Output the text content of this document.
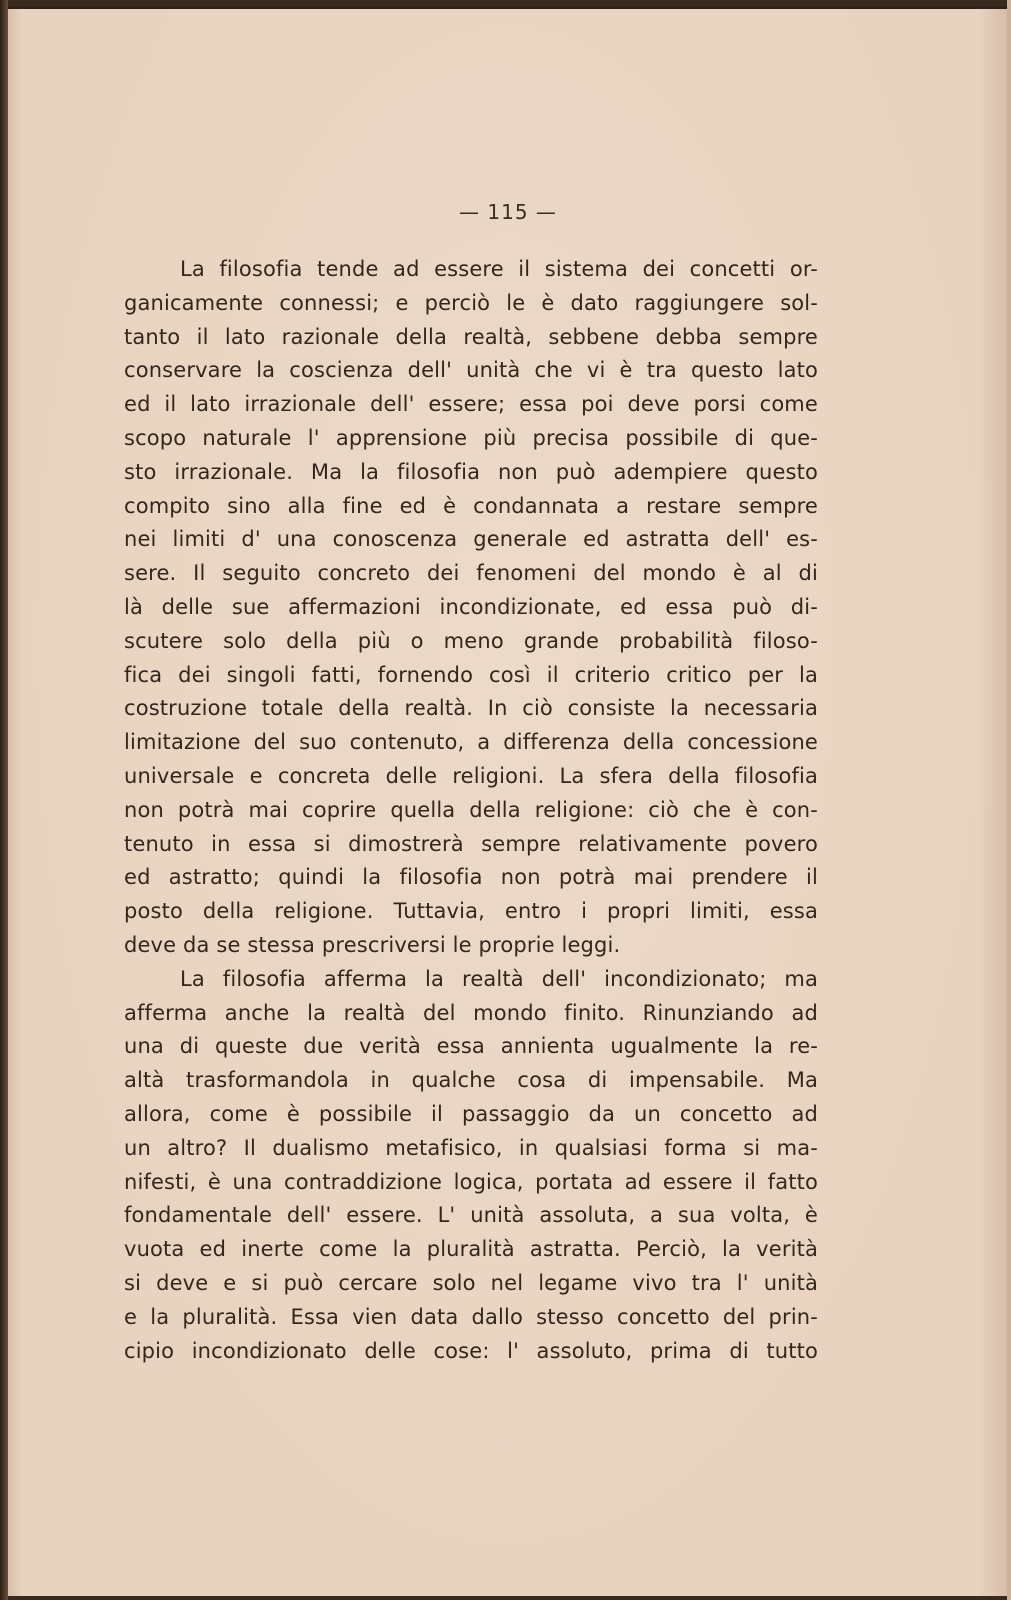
— 115 —
La filosofia tende ad essere il sistema dei concetti or-
ganicamente connessi; e perciò le è dato raggiungere sol-
tanto il lato razionale della realtà, sebbene debba sempre
conservare la coscienza dell' unità che vi è tra questo lato
ed il lato irrazionale dell' essere; essa poi deve porsi come
scopo naturale l' apprensione più precisa possibile di que-
sto irrazionale. Ma la filosofia non può adempiere questo
compito sino alla fine ed è condannata a restare sempre
nei limiti d' una conoscenza generale ed astratta dell' es-
sere. Il seguito concreto dei fenomeni del mondo è al di
là delle sue affermazioni incondizionate, ed essa può di-
scutere solo della più o meno grande probabilità filoso-
fica dei singoli fatti, fornendo così il criterio critico per la
costruzione totale della realtà. In ciò consiste la necessaria
limitazione del suo contenuto, a differenza della concessione
universale e concreta delle religioni. La sfera della filosofia
non potrà mai coprire quella della religione: ciò che è con-
tenuto in essa si dimostrerà sempre relativamente povero
ed astratto; quindi la filosofia non potrà mai prendere il
posto della religione. Tuttavia, entro i propri limiti, essa
deve da se stessa prescriversi le proprie leggi.
La filosofia afferma la realtà dell' incondizionato; ma
afferma anche la realtà del mondo finito. Rinunziando ad
una di queste due verità essa annienta ugualmente la re-
altà trasformandola in qualche cosa di impensabile. Ma
allora, come è possibile il passaggio da un concetto ad
un altro? Il dualismo metafisico, in qualsiasi forma si ma-
nifesti, è una contraddizione logica, portata ad essere il fatto
fondamentale dell' essere. L' unità assoluta, a sua volta, è
vuota ed inerte come la pluralità astratta. Perciò, la verità
si deve e si può cercare solo nel legame vivo tra l' unità
e la pluralità. Essa vien data dallo stesso concetto del prin-
cipio incondizionato delle cose: l' assoluto, prima di tutto
